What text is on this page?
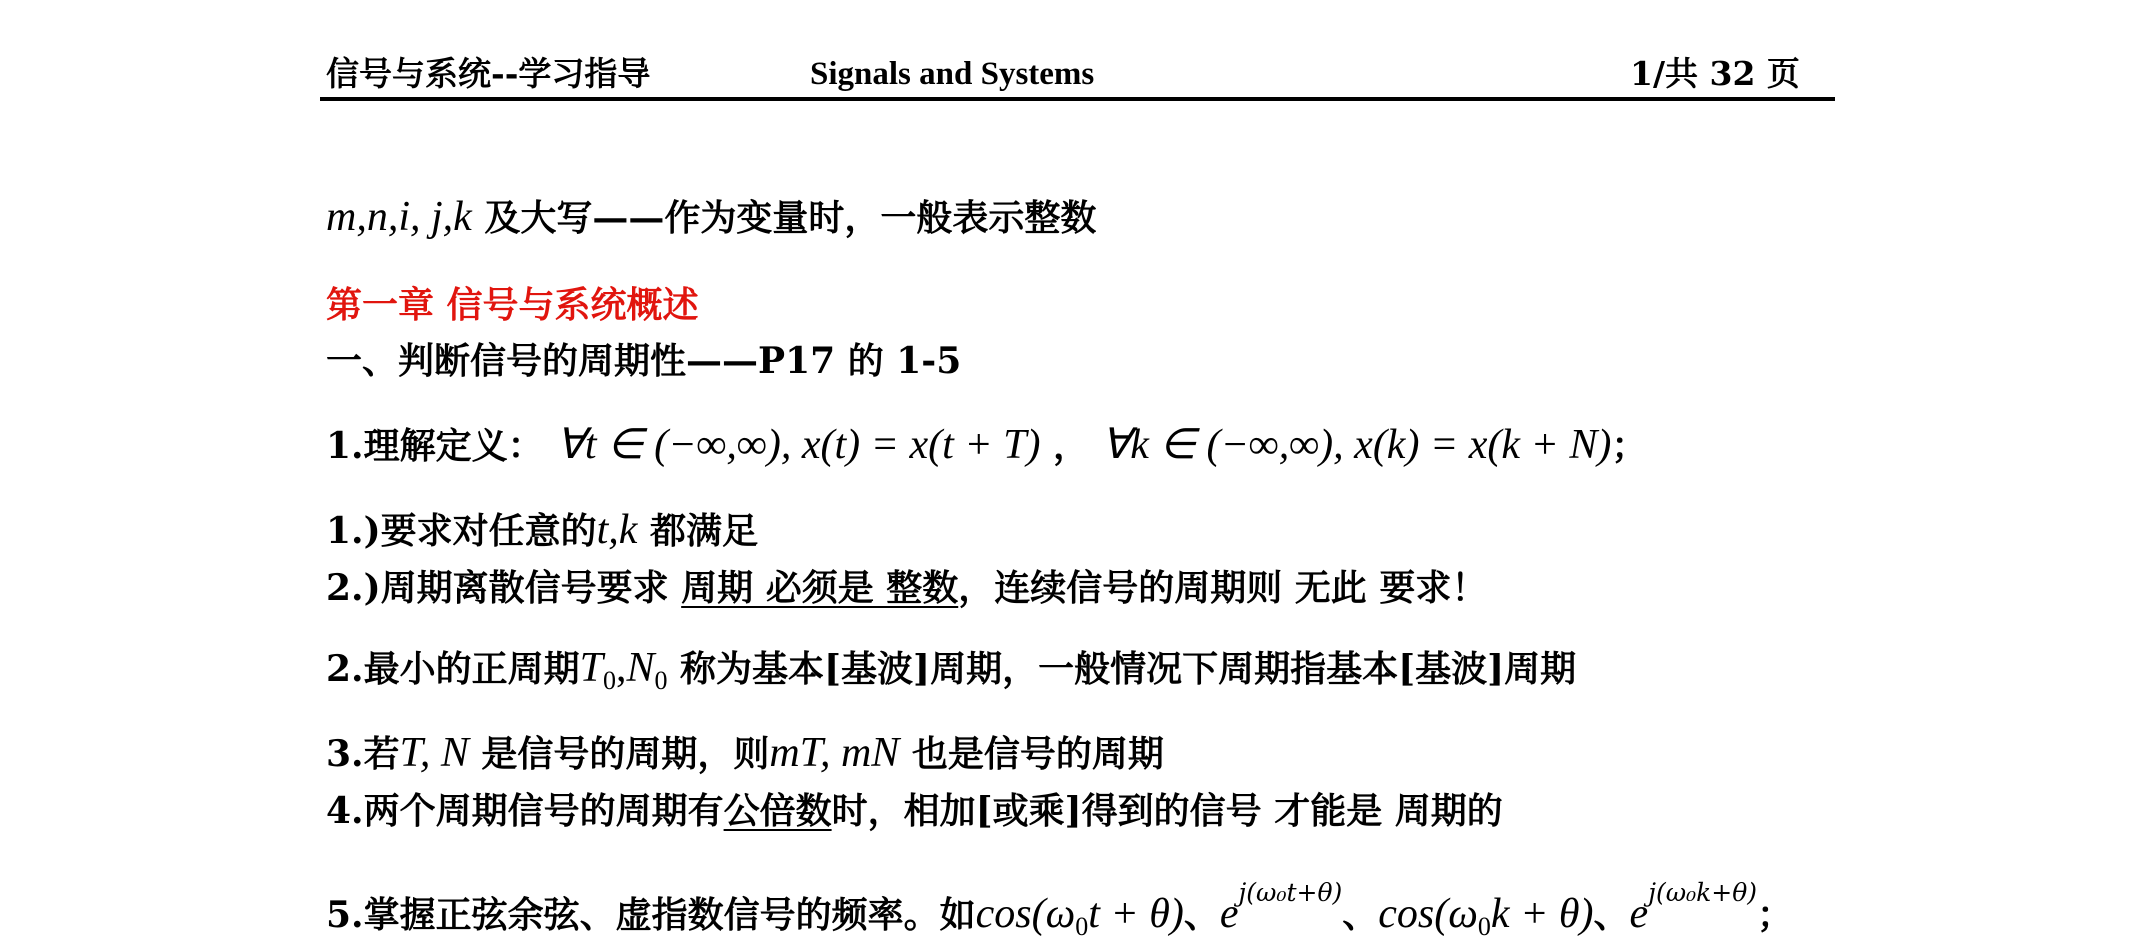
信号与系统--学习指导	Signals and Systems	1/共 32 页
m,n,i, j,k 及大写——作为变量时，一般表示整数
第一章 信号与系统概述
一、判断信号的周期性——P17 的 1-5
1.理解定义： ∀t ∈ (−∞,∞), x(t) = x(t + T) ， ∀k ∈ (−∞,∞), x(k) = x(k + N)；
1.)要求对任意的t,k 都满足
2.)周期离散信号要求 周期 必须是 整数，连续信号的周期则 无此 要求！
2.最小的正周期$T_0,N_0$ 称为基本[基波]周期，一般情况下周期指基本[基波]周期
3.若T, N 是信号的周期，则mT, mN 也是信号的周期
4.两个周期信号的周期有公倍数时，相加[或乘]得到的信号 才能是 周期的
5.掌握正弦余弦、虚指数信号的频率。如$\cos(\omega_0t + \theta)$、$e^{j(\omega_0t+\theta)}$、$\cos(\omega_0k + \theta)$、$e^{j(\omega_0k+\theta)}$；
